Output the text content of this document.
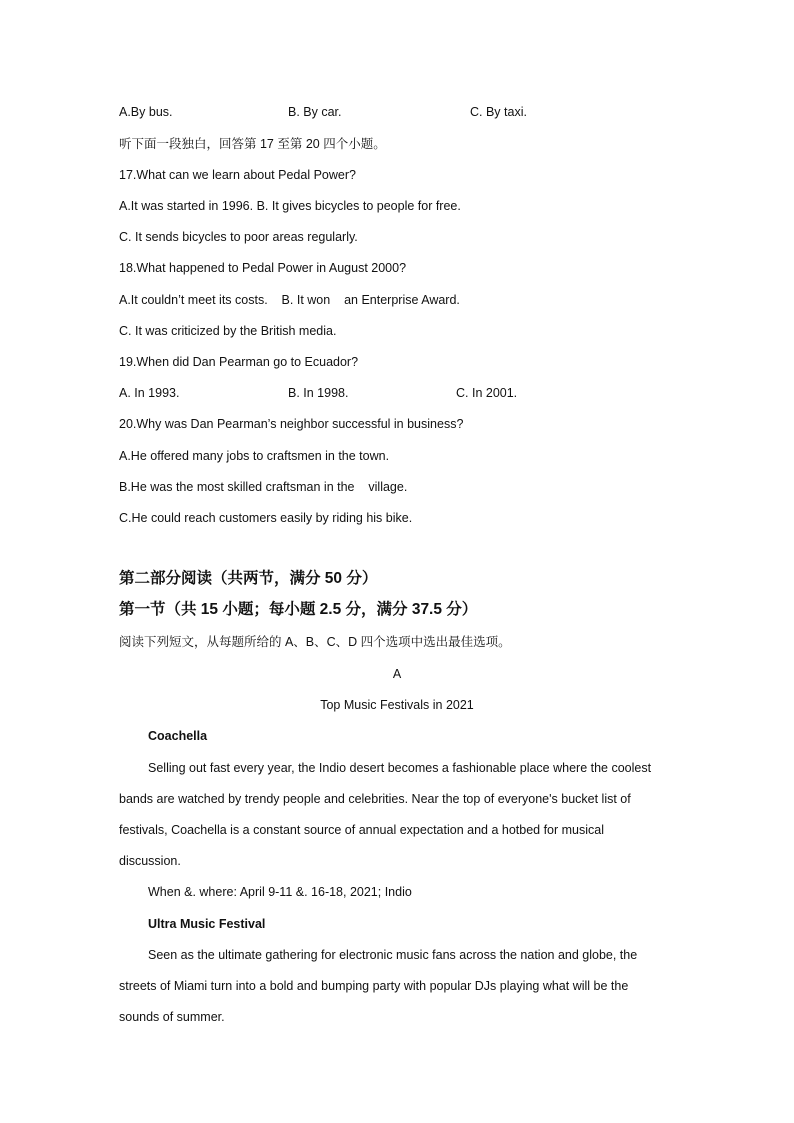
A.By bus.	B. By car.	C. By taxi.
听下面一段独白，回答第 17 至第 20 四个小题。
17.What can we learn about Pedal Power?
A.It was started in 1996. B. It gives bicycles to people for free.
C. It sends bicycles to poor areas regularly.
18.What happened to Pedal Power in August 2000?
A.It couldn’t meet its costs.    B. It won    an Enterprise Award.
C. It was criticized by the British media.
19.When did Dan Pearman go to Ecuador?
A. In 1993.	B. In 1998.	C. In 2001.
20.Why was Dan Pearman’s neighbor successful in business?
A.He offered many jobs to craftsmen in the town.
B.He was the most skilled craftsman in the    village.
C.He could reach customers easily by riding his bike.
第二部分阅读（共两节，满分 50 分）
第一节（共 15 小题；每小题 2.5 分，满分 37.5 分）
阅读下列短文，从每题所给的 A、B、C、D 四个选项中选出最佳选项。
A
Top Music Festivals in 2021
Coachella
Selling out fast every year, the Indio desert becomes a fashionable place where the coolest
bands are watched by trendy people and celebrities. Near the top of everyone's bucket list of
festivals, Coachella is a constant source of annual expectation and a hotbed for musical
discussion.
When &. where: April 9-11 &. 16-18, 2021; Indio
Ultra Music Festival
Seen as the ultimate gathering for electronic music fans across the nation and globe, the
streets of Miami turn into a bold and bumping party with popular DJs playing what will be the
sounds of summer.
